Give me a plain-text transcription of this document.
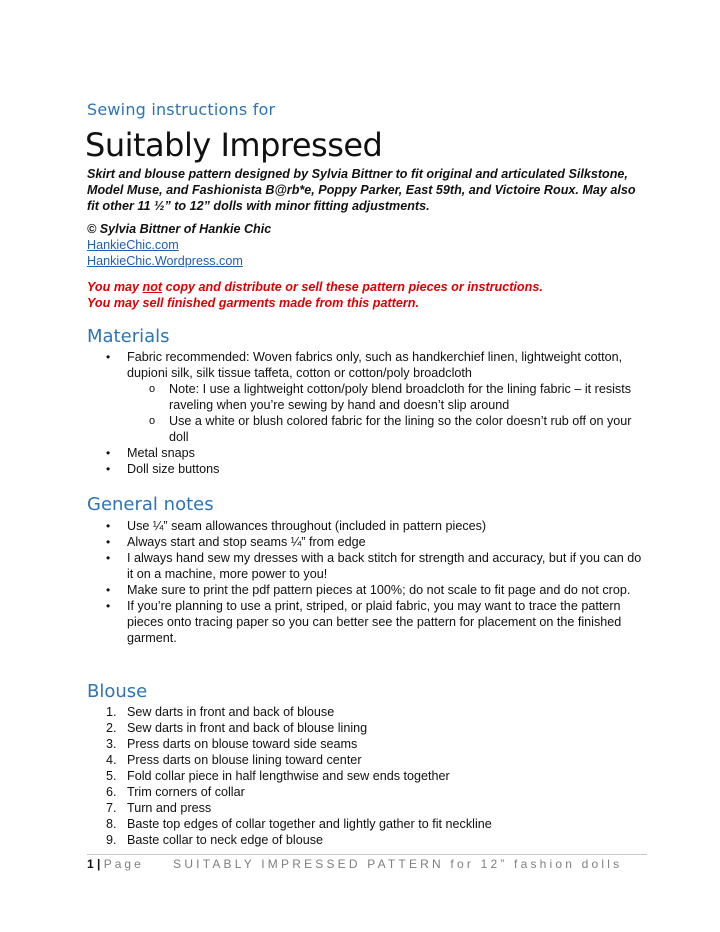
Sewing instructions for
Suitably Impressed
Skirt and blouse pattern designed by Sylvia Bittner to fit original and articulated Silkstone, Model Muse, and Fashionista B@rb*e, Poppy Parker, East 59th, and Victoire Roux. May also fit other 11 ½” to 12” dolls with minor fitting adjustments.
© Sylvia Bittner of Hankie Chic
HankieChic.com
HankieChic.Wordpress.com
You may not copy and distribute or sell these pattern pieces or instructions.
You may sell finished garments made from this pattern.
Materials
• Fabric recommended: Woven fabrics only, such as handkerchief linen, lightweight cotton, dupioni silk, silk tissue taffeta, cotton or cotton/poly broadcloth
o Note: I use a lightweight cotton/poly blend broadcloth for the lining fabric – it resists raveling when you’re sewing by hand and doesn’t slip around
o Use a white or blush colored fabric for the lining so the color doesn’t rub off on your doll
• Metal snaps
• Doll size buttons
General notes
• Use ¼” seam allowances throughout (included in pattern pieces)
• Always start and stop seams ¼” from edge
• I always hand sew my dresses with a back stitch for strength and accuracy, but if you can do it on a machine, more power to you!
• Make sure to print the pdf pattern pieces at 100%; do not scale to fit page and do not crop.
• If you’re planning to use a print, striped, or plaid fabric, you may want to trace the pattern pieces onto tracing paper so you can better see the pattern for placement on the finished garment.
Blouse
1. Sew darts in front and back of blouse
2. Sew darts in front and back of blouse lining
3. Press darts on blouse toward side seams
4. Press darts on blouse lining toward center
5. Fold collar piece in half lengthwise and sew ends together
6. Trim corners of collar
7. Turn and press
8. Baste top edges of collar together and lightly gather to fit neckline
9. Baste collar to neck edge of blouse
1 | Page SUITABLY IMPRESSED PATTERN for 12” fashion dolls
